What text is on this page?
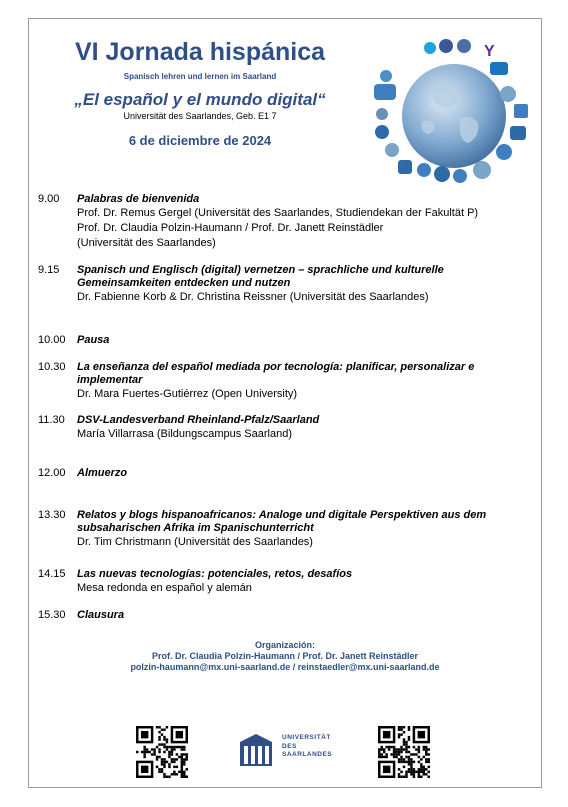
VI Jornada hispánica
Spanisch lehren und lernen im Saarland
„El español y el mundo digital“
Universität des Saarlandes, Geb. E1 7
6 de diciembre de 2024
Y
9.00	Palabras de bienvenida
Prof. Dr. Remus Gergel (Universität des Saarlandes, Studiendekan der Fakultät P)
Prof. Dr. Claudia Polzin-Haumann / Prof. Dr. Janett Reinstädler
(Universität des Saarlandes)
9.15	Spanisch und Englisch (digital) vernetzen – sprachliche und kulturelle Gemeinsamkeiten entdecken und nutzen
Dr. Fabienne Korb & Dr. Christina Reissner (Universität des Saarlandes)
10.00	Pausa
10.30	La enseñanza del español mediada por tecnología: planificar, personalizar e implementar
Dr. Mara Fuertes-Gutiérrez (Open University)
11.30	DSV-Landesverband Rheinland-Pfalz/Saarland
María Villarrasa (Bildungscampus Saarland)
12.00	Almuerzo
13.30	Relatos y blogs hispanoafricanos: Analoge und digitale Perspektiven aus dem subsaharischen Afrika im Spanischunterricht
Dr. Tim Christmann (Universität des Saarlandes)
14.15	Las nuevas tecnologías: potenciales, retos, desafíos
Mesa redonda en español y alemán
15.30	Clausura
Organización:
Prof. Dr. Claudia Polzin-Haumann / Prof. Dr. Janett Reinstädler
polzin-haumann@mx.uni-saarland.de / reinstaedler@mx.uni-saarland.de
UNIVERSITÄT
DES
SAARLANDES
